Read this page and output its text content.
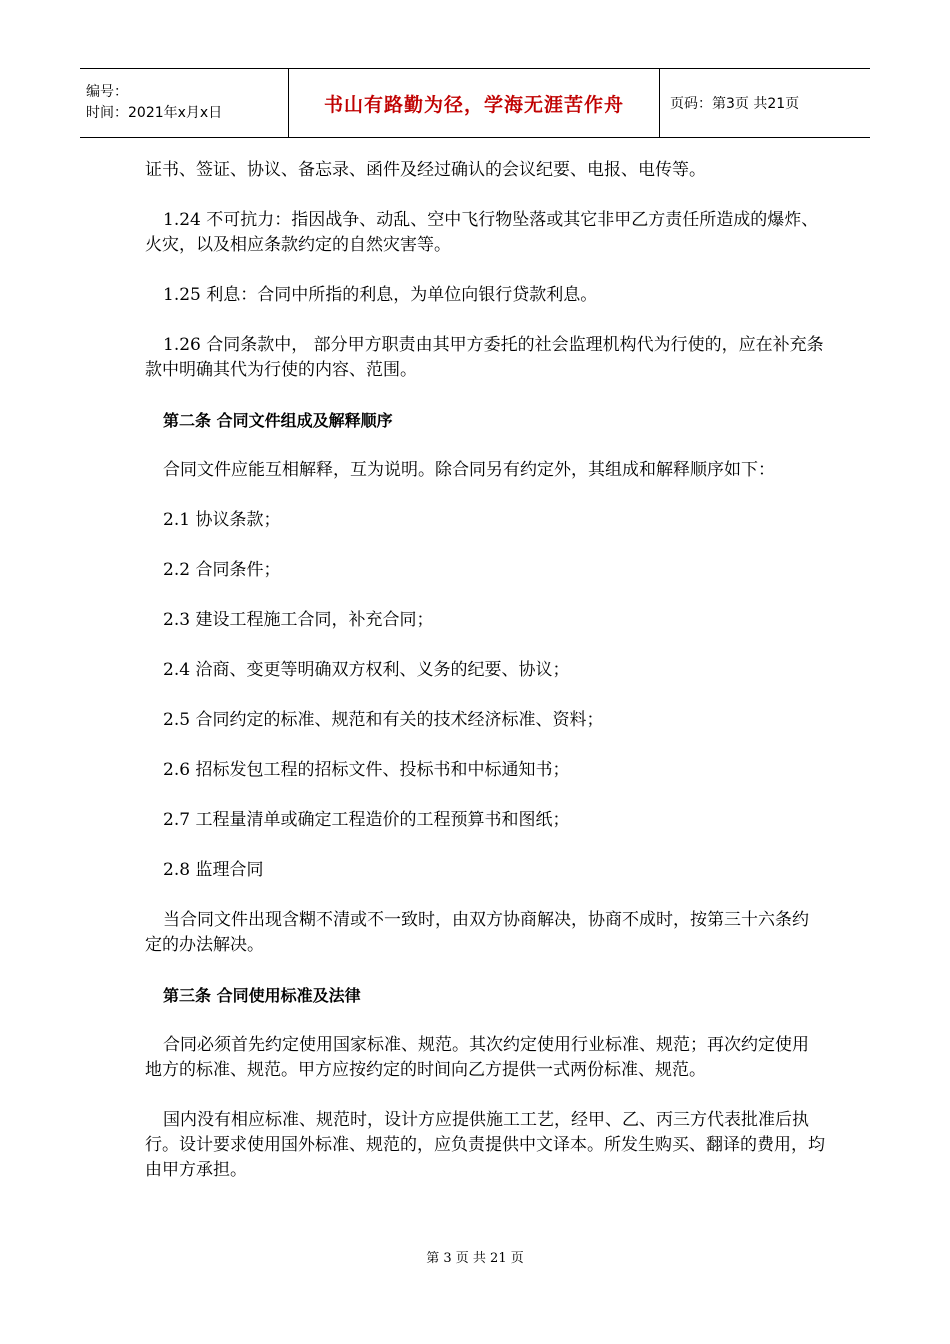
编号：
时间：2021年x月x日	书山有路勤为径，学海无涯苦作舟	页码：第3页 共21页

证书、签证、协议、备忘录、函件及经过确认的会议纪要、电报、电传等。

1.24 不可抗力：指因战争、动乱、空中飞行物坠落或其它非甲乙方责任所造成的爆炸、火灾，以及相应条款约定的自然灾害等。

1.25 利息：合同中所指的利息，为单位向银行贷款利息。

1.26 合同条款中， 部分甲方职责由其甲方委托的社会监理机构代为行使的，应在补充条款中明确其代为行使的内容、范围。

第二条 合同文件组成及解释顺序

合同文件应能互相解释，互为说明。除合同另有约定外，其组成和解释顺序如下：

2.1 协议条款；

2.2 合同条件；

2.3 建设工程施工合同，补充合同；

2.4 洽商、变更等明确双方权利、义务的纪要、协议；

2.5 合同约定的标准、规范和有关的技术经济标准、资料；

2.6 招标发包工程的招标文件、投标书和中标通知书；

2.7 工程量清单或确定工程造价的工程预算书和图纸；

2.8 监理合同

当合同文件出现含糊不清或不一致时，由双方协商解决，协商不成时，按第三十六条约定的办法解决。

第三条 合同使用标准及法律

合同必须首先约定使用国家标准、规范。其次约定使用行业标准、规范；再次约定使用地方的标准、规范。甲方应按约定的时间向乙方提供一式两份标准、规范。

国内没有相应标准、规范时，设计方应提供施工工艺，经甲、乙、丙三方代表批准后执行。设计要求使用国外标准、规范的，应负责提供中文译本。所发生购买、翻译的费用，均由甲方承担。

第 3 页 共 21 页
